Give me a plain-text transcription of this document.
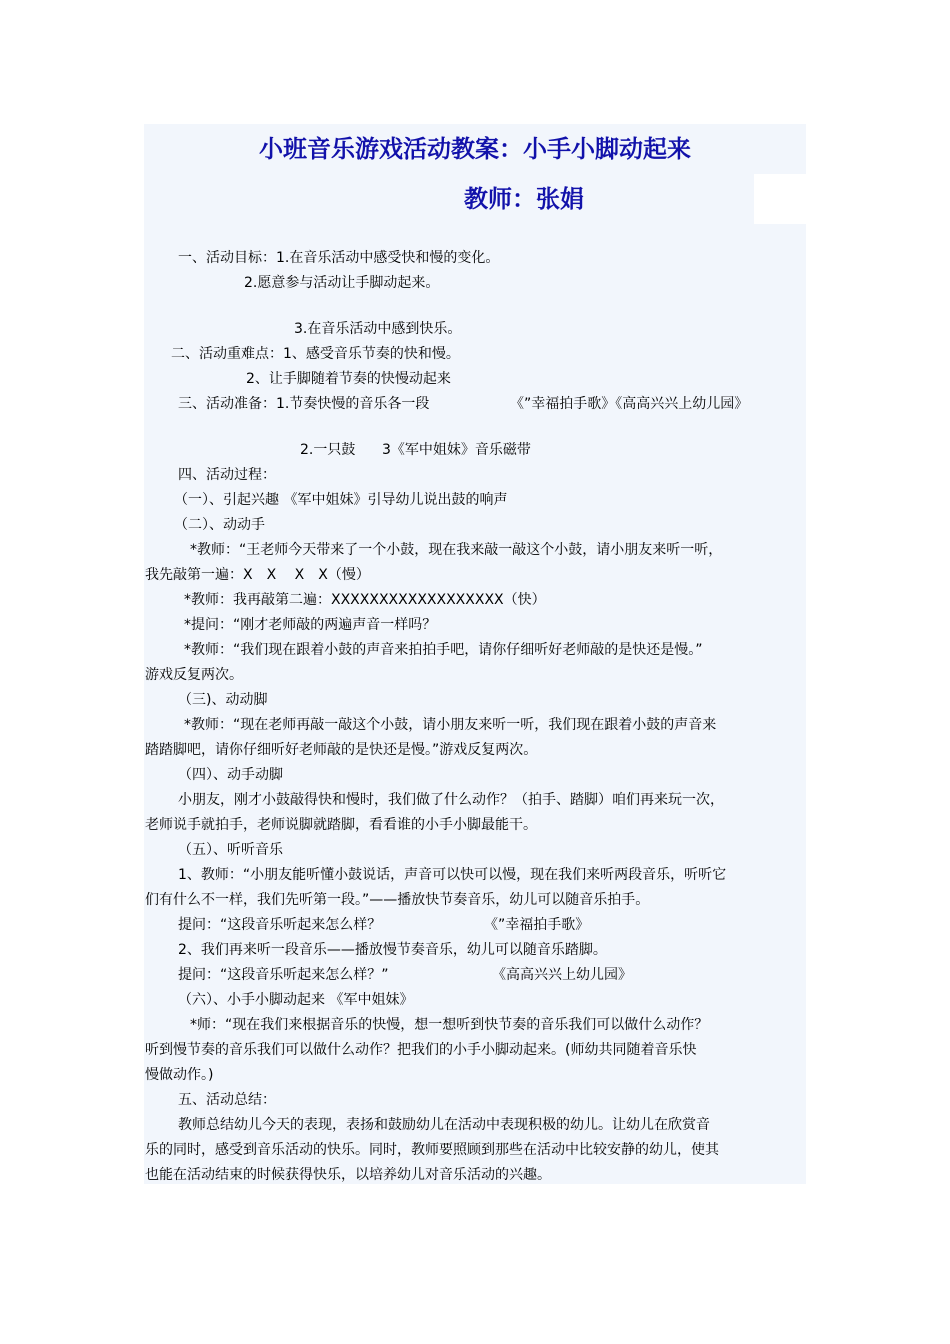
小班音乐游戏活动教案：小手小脚动起来
教师：张娟
一、活动目标：1.在音乐活动中感受快和慢的变化。
2.愿意参与活动让手脚动起来。
3.在音乐活动中感到快乐。
二、活动重难点：1、感受音乐节奏的快和慢。
2、让手脚随着节奏的快慢动起来
三、活动准备：1.节奏快慢的音乐各一段	《”幸福拍手歌》《高高兴兴上幼儿园》
2.一只鼓 3《军中姐妹》音乐磁带
四、活动过程：
（一）、引起兴趣 《军中姐妹》引导幼儿说出鼓的响声
（二）、动动手
*教师：“王老师今天带来了一个小鼓，现在我来敲一敲这个小鼓，请小朋友来听一听，
我先敲第一遍：X　X　 X　X（慢）
*教师：我再敲第二遍：XXXXXXXXXXXXXXXXXX（快）
*提问：“刚才老师敲的两遍声音一样吗？
*教师：“我们现在跟着小鼓的声音来拍拍手吧，请你仔细听好老师敲的是快还是慢。”
游戏反复两次。
（三)、动动脚
*教师：“现在老师再敲一敲这个小鼓，请小朋友来听一听，我们现在跟着小鼓的声音来
踏踏脚吧，请你仔细听好老师敲的是快还是慢。”游戏反复两次。
（四）、动手动脚
小朋友，刚才小鼓敲得快和慢时，我们做了什么动作？（拍手、踏脚）咱们再来玩一次，
老师说手就拍手，老师说脚就踏脚，看看谁的小手小脚最能干。
（五）、听听音乐
1、教师：“小朋友能听懂小鼓说话，声音可以快可以慢，现在我们来听两段音乐，听听它
们有什么不一样，我们先听第一段。”——播放快节奏音乐，幼儿可以随音乐拍手。
提问：“这段音乐听起来怎么样？	《”幸福拍手歌》
2、我们再来听一段音乐——播放慢节奏音乐，幼儿可以随音乐踏脚。
提问：“这段音乐听起来怎么样？”	《高高兴兴上幼儿园》
（六）、小手小脚动起来 《军中姐妹》
*师：“现在我们来根据音乐的快慢，想一想听到快节奏的音乐我们可以做什么动作？
听到慢节奏的音乐我们可以做什么动作？把我们的小手小脚动起来。(师幼共同随着音乐快
慢做动作。)
五、活动总结：
教师总结幼儿今天的表现，表扬和鼓励幼儿在活动中表现积极的幼儿。让幼儿在欣赏音
乐的同时，感受到音乐活动的快乐。同时，教师要照顾到那些在活动中比较安静的幼儿，使其
也能在活动结束的时候获得快乐，以培养幼儿对音乐活动的兴趣。
